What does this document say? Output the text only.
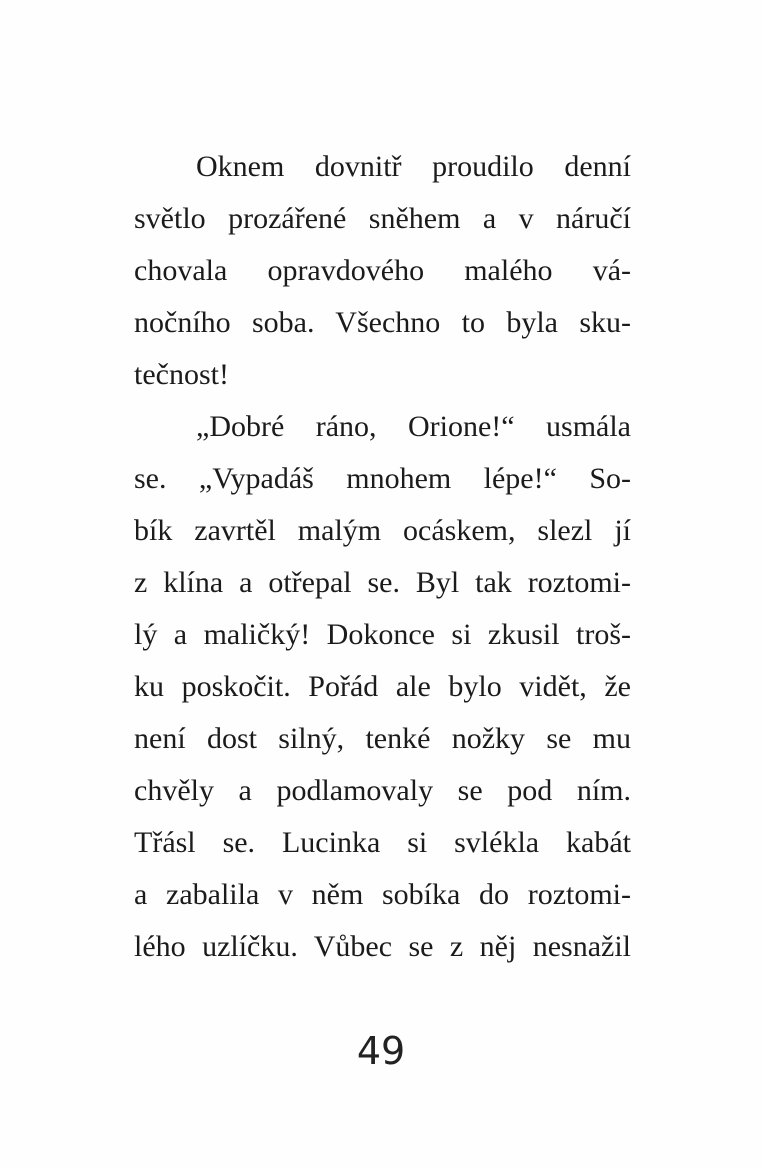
Oknem dovnitř proudilo denní

světlo prozářené sněhem a v náručí

chovala opravdového malého vá-

nočního soba. Všechno to byla sku-

tečnost!

„Dobré ráno, Orione!“ usmála

se. „Vypadáš mnohem lépe!“ So-

bík zavrtěl malým ocáskem, slezl jí

z klína a otřepal se. Byl tak roztomi-

lý a maličký! Dokonce si zkusil troš-

ku poskočit. Pořád ale bylo vidět, že

není dost silný, tenké nožky se mu

chvěly a podlamovaly se pod ním.

Třásl se. Lucinka si svlékla kabát

a zabalila v něm sobíka do roztomi-

lého uzlíčku. Vůbec se z něj nesnažil

49
